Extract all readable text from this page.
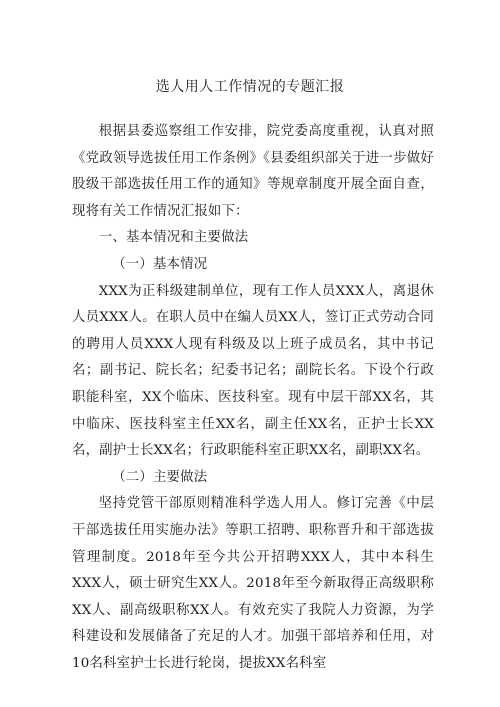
选人用人工作情况的专题汇报

根据县委巡察组工作安排，院党委高度重视，认真对照《党政领导选拔任用工作条例》《县委组织部关于进一步做好股级干部选拔任用工作的通知》等规章制度开展全面自查，现将有关工作情况汇报如下：

一、基本情况和主要做法

（一）基本情况

XXX为正科级建制单位，现有工作人员XXX人，离退休人员XXX人。在职人员中在编人员XX人，签订正式劳动合同的聘用人员XXX人现有科级及以上班子成员名，其中书记名；副书记、院长名；纪委书记名；副院长名。下设个行政职能科室，XX个临床、医技科室。现有中层干部XX名，其中临床、医技科室主任XX名，副主任XX名，正护士长XX名，副护士长XX名；行政职能科室正职XX名，副职XX名。

（二）主要做法

坚持党管干部原则精准科学选人用人。修订完善《中层干部选拔任用实施办法》等职工招聘、职称晋升和干部选拔管理制度。2018年至今共公开招聘XXX人，其中本科生XXX人，硕士研究生XX人。2018年至今新取得正高级职称XX人、副高级职称XX人。有效充实了我院人力资源，为学科建设和发展储备了充足的人才。加强干部培养和任用，对10名科室护士长进行轮岗，提拔XX名科室
